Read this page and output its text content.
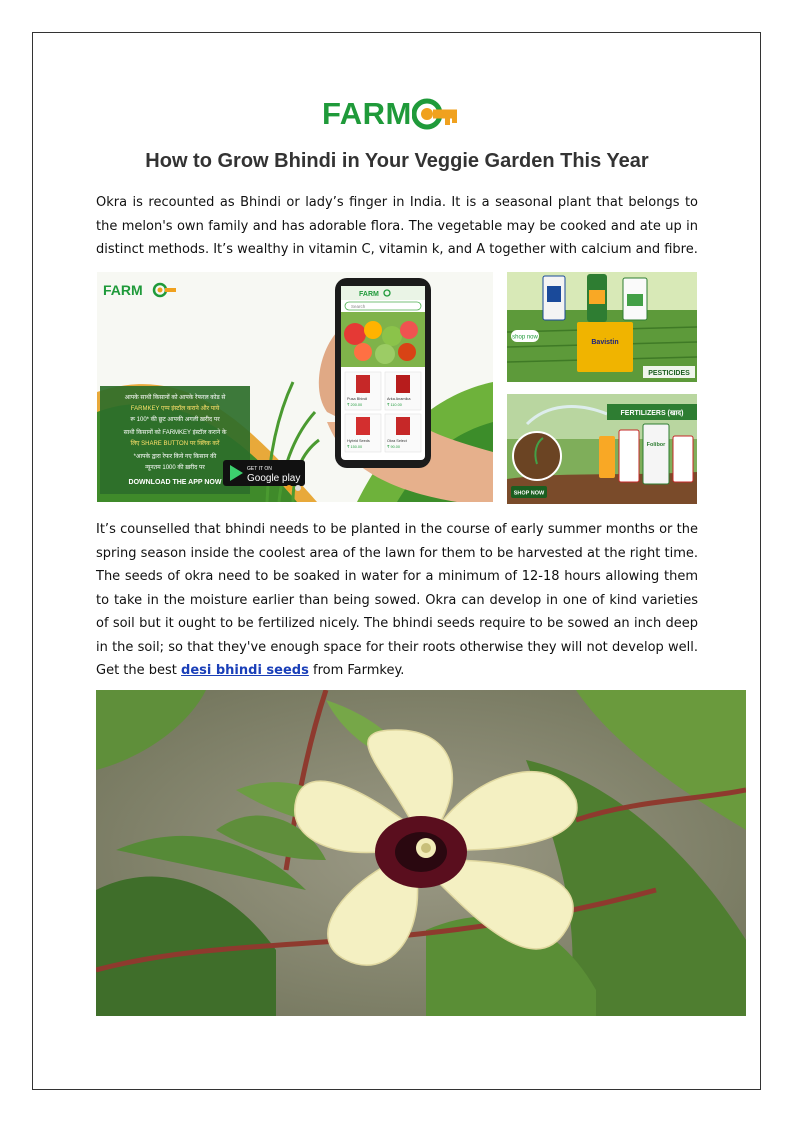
FARM
How to Grow Bhindi in Your Veggie Garden This Year

Okra is recounted as Bhindi or lady’s finger in India. It is a seasonal plant that belongs to the melon's own family and has adorable flora. The vegetable may be cooked and ate up in distinct methods. It’s wealthy in vitamin C, vitamin k, and A together with calcium and fibre.

FARM
आपके साथी किसानों को आपके रेफरल कोड से
FARMKEY एप्प इंस्टॉल कराने और पाये
रू 100* की छूट आपकी अगली ख़रीद पर
साथी किसानों को FARMKEY इंस्टॉल कराने के
लिए SHARE BUTTON पर क्लिक करें
*आपके द्वारा रेफर किये गए किसान की
न्यूनतम 1000 की ख़रीद पर
DOWNLOAD THE APP NOW
GET IT ON
Google play
FARM
Search
Pusa Bhindi
₹ 200.00
Arka Anamika
₹ 110.00
Hybrid Seeds
₹ 150.00
Okra Select
₹ 90.00
Bavistin
shop now
PESTICIDES
FERTILIZERS (खाद)
Folibor
SHOP NOW

It’s counselled that bhindi needs to be planted in the course of early summer months or the spring season inside the coolest area of the lawn for them to be harvested at the right time. The seeds of okra need to be soaked in water for a minimum of 12-18 hours allowing them to take in the moisture earlier than being sowed. Okra can develop in one of kind varieties of soil but it ought to be fertilized nicely. The bhindi seeds require to be sowed an inch deep in the soil; so that they've enough space for their roots otherwise they will not develop well. Get the best desi bhindi seeds from Farmkey.
